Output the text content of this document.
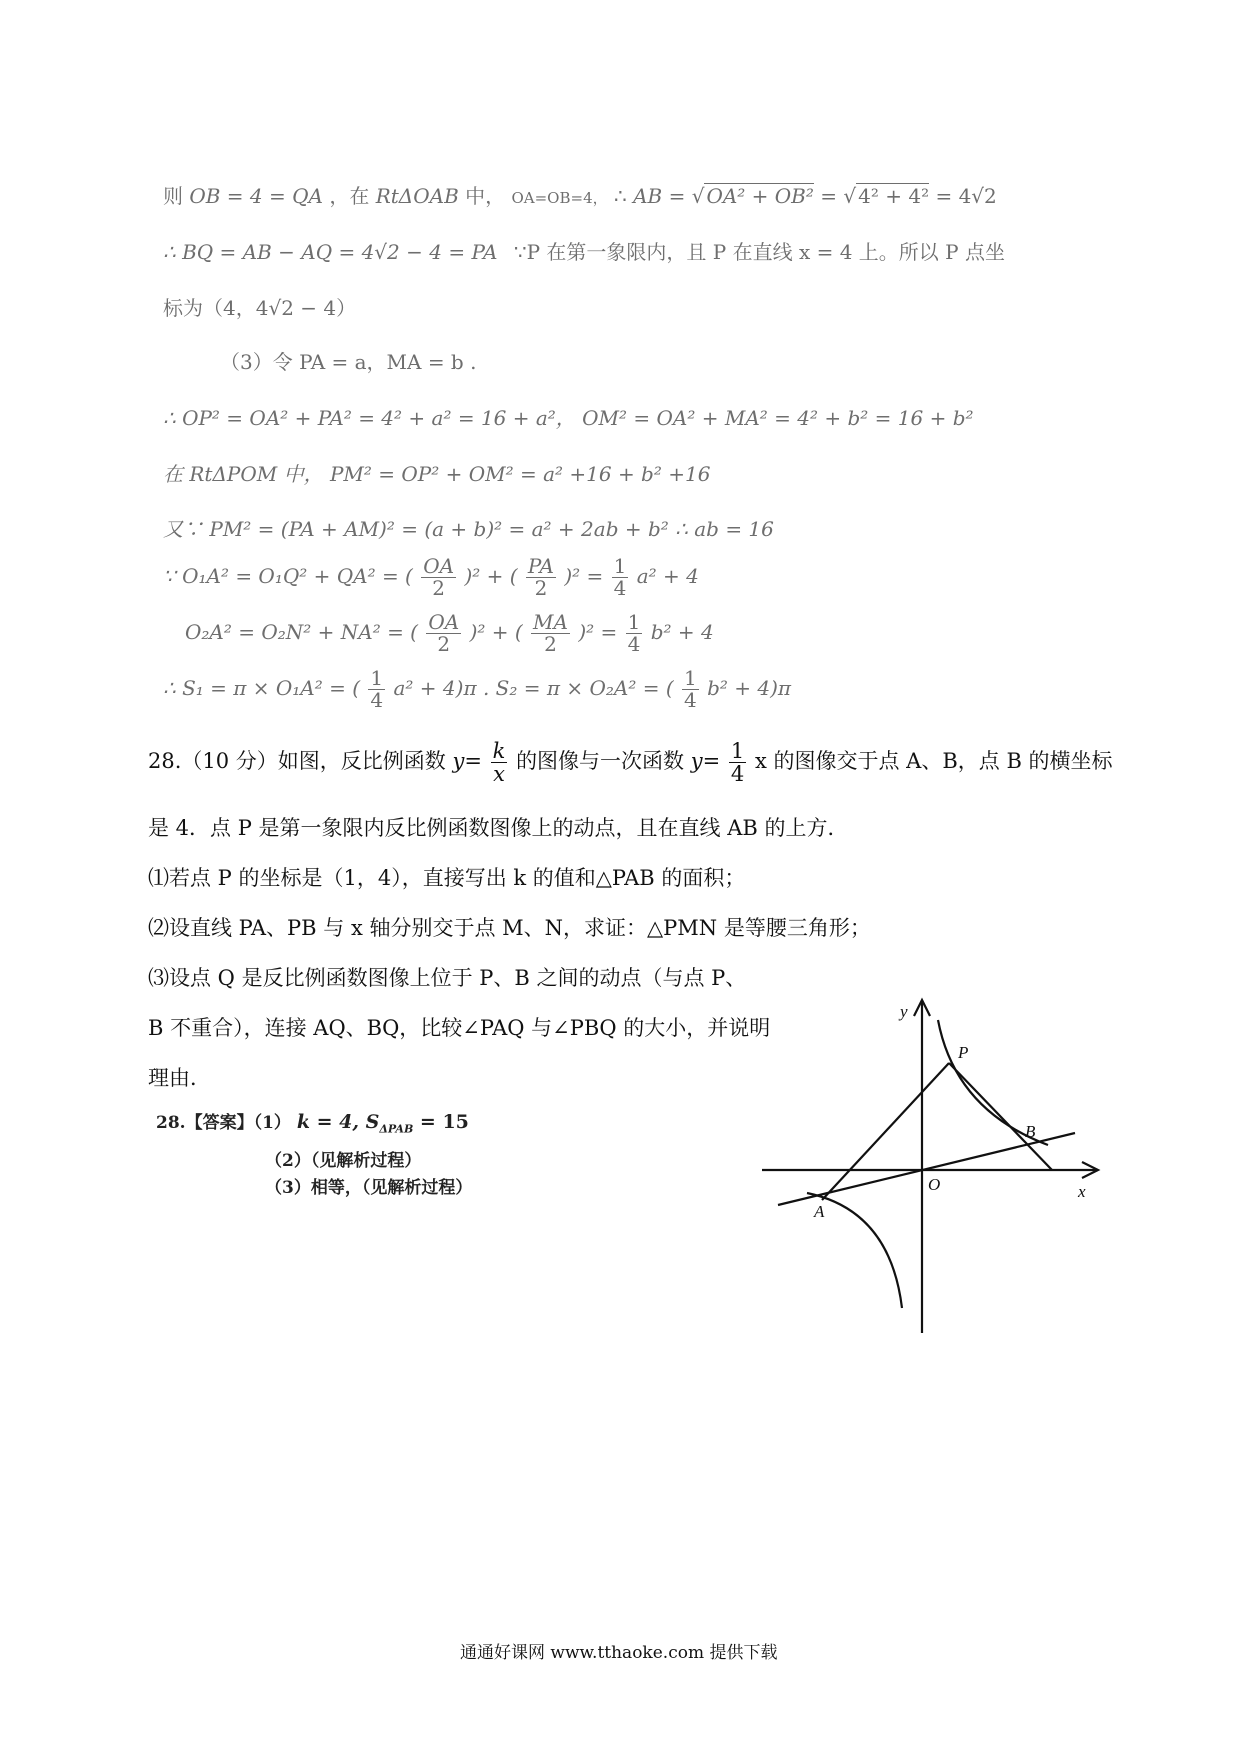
则 OB = 4 = QA ，在 RtΔOAB 中， OA=OB=4， ∴ AB = √ OA² + OB² = √ 4² + 4² = 4√2
∴ BQ = AB − AQ = 4√2 − 4 = PA ∵P 在第一象限内，且 P 在直线 x = 4 上。所以 P 点坐
标为（4，4√2 − 4）
（3）令 PA = a，MA = b .
∴ OP² = OA² + PA² = 4² + a² = 16 + a²， OM² = OA² + MA² = 4² + b² = 16 + b²
在 RtΔPOM 中， PM² = OP² + OM² = a² +16 + b² +16
又∵ PM² = (PA + AM)² = (a + b)² = a² + 2ab + b² ∴ ab = 16
∵ O₁A² = O₁Q² + QA² = ( $\frac{OA}{2} )^2$ + ( $\frac{PA}{2} )^2 = \frac{1}{4} a^2 + 4$
O₂A² = O₂N² + NA² = ( $\frac{OA}{2} )^2$ + ( $\frac{MA}{2} )^2 = \frac{1}{4} b^2 + 4$
∴ S₁ = π × O₁A² = ( $\frac{1}{4} a^2 + 4)\pi$ . S₂ = π × O₂A² = ( $\frac{1}{4} b^2 + 4)\pi$
28.（10 分）如图，反比例函数 $y= \frac{k}{x}$ 的图像与一次函数 $y= \frac{1}{4}$ x 的图像交于点 A、B，点 B 的横坐标
是 4．点 P 是第一象限内反比例函数图像上的动点，且在直线 AB 的上方．
⑴若点 P 的坐标是（1，4），直接写出 k 的值和△PAB 的面积；
⑵设直线 PA、PB 与 x 轴分别交于点 M、N，求证：△PMN 是等腰三角形；
⑶设点 Q 是反比例函数图像上位于 P、B 之间的动点（与点 P、
B 不重合），连接 AQ、BQ，比较∠PAQ 与∠PBQ 的大小，并说明
理由．
28.【答案】（1） k = 4, $S_{\Delta PAB} = 15$
（2）（见解析过程）
（3）相等，（见解析过程）
y
x
O
P
B
A
通通好课网 www.tthaoke.com 提供下载
